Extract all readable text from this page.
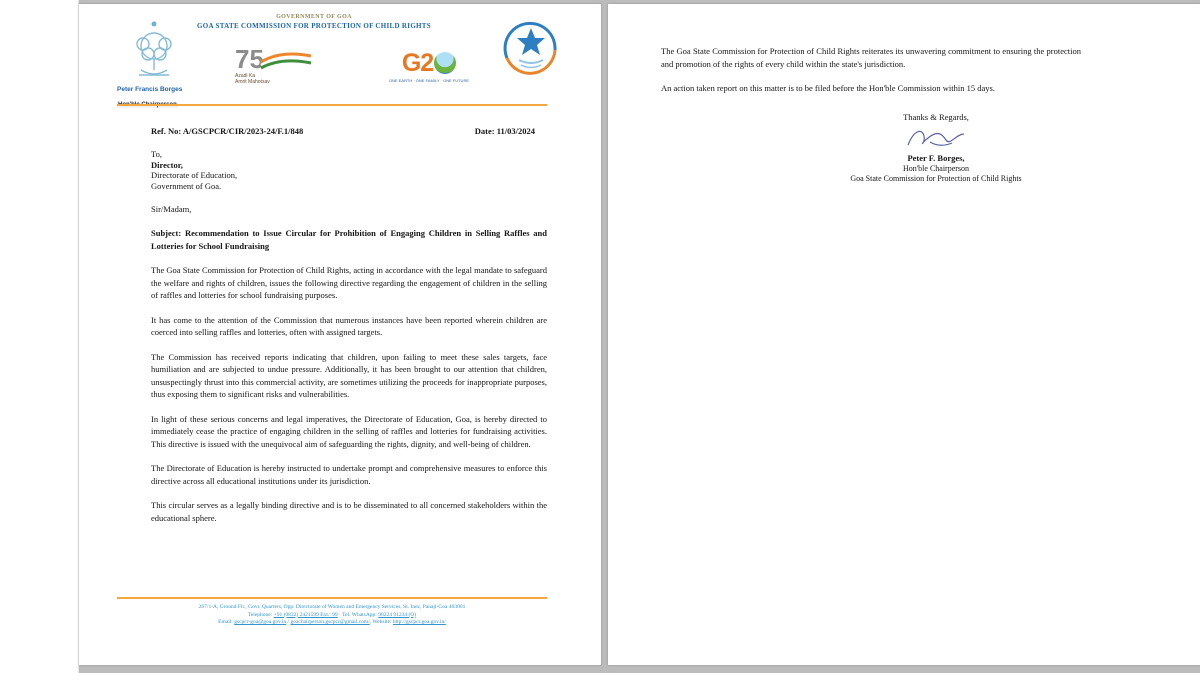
GOVERNMENT OF GOA
GOA STATE COMMISSION FOR PROTECTION OF CHILD RIGHTS
Peter Francis Borges
75
Azadi Ka
Amrit Mahotsav
G2
ONE EARTH · ONE FAMILY · ONE FUTURE
Ref. No: A/GSCPCR/CIR/2023-24/F.1/848	Date: 11/03/2024
To,
Director,
Directorate of Education,
Government of Goa.
Sir/Madam,
Subject: Recommendation to Issue Circular for Prohibition of Engaging Children in Selling Raffles and Lotteries for School Fundraising

The Goa State Commission for Protection of Child Rights, acting in accordance with the legal mandate to safeguard the welfare and rights of children, issues the following directive regarding the engagement of children in the selling of raffles and lotteries for school fundraising purposes.

It has come to the attention of the Commission that numerous instances have been reported wherein children are coerced into selling raffles and lotteries, often with assigned targets.

The Commission has received reports indicating that children, upon failing to meet these sales targets, face humiliation and are subjected to undue pressure. Additionally, it has been brought to our attention that children, unsuspectingly thrust into this commercial activity, are sometimes utilizing the proceeds for inappropriate purposes, thus exposing them to significant risks and vulnerabilities.

In light of these serious concerns and legal imperatives, the Directorate of Education, Goa, is hereby directed to immediately cease the practice of engaging children in the selling of raffles and lotteries for fundraising activities. This directive is issued with the unequivocal aim of safeguarding the rights, dignity, and well-being of children.

The Directorate of Education is hereby instructed to undertake prompt and comprehensive measures to enforce this directive across all educational institutions under its jurisdiction.

This circular serves as a legally binding directive and is to be disseminated to all concerned stakeholders within the educational sphere.

267/1-A, Ground Flr., Govt. Quarters, Opp. Directorate of Women and Emergency Services, St. Inez, Panaji-Goa 403001
Telephone: +91 (0832) 2421599 Ext.: 99 · Tel. WhatsApp: 98224 91234 (O)
Email: gscpcr-goa@goa.gov.in / goachairperson.gscpcr@gmail.com/, Website: http://gscpcr.goa.gov.in/

The Goa State Commission for Protection of Child Rights reiterates its unwavering commitment to ensuring the protection and promotion of the rights of every child within the state's jurisdiction.

An action taken report on this matter is to be filed before the Hon'ble Commission within 15 days.

Thanks & Regards,
Peter F. Borges,
Hon'ble Chairperson
Goa State Commission for Protection of Child Rights
